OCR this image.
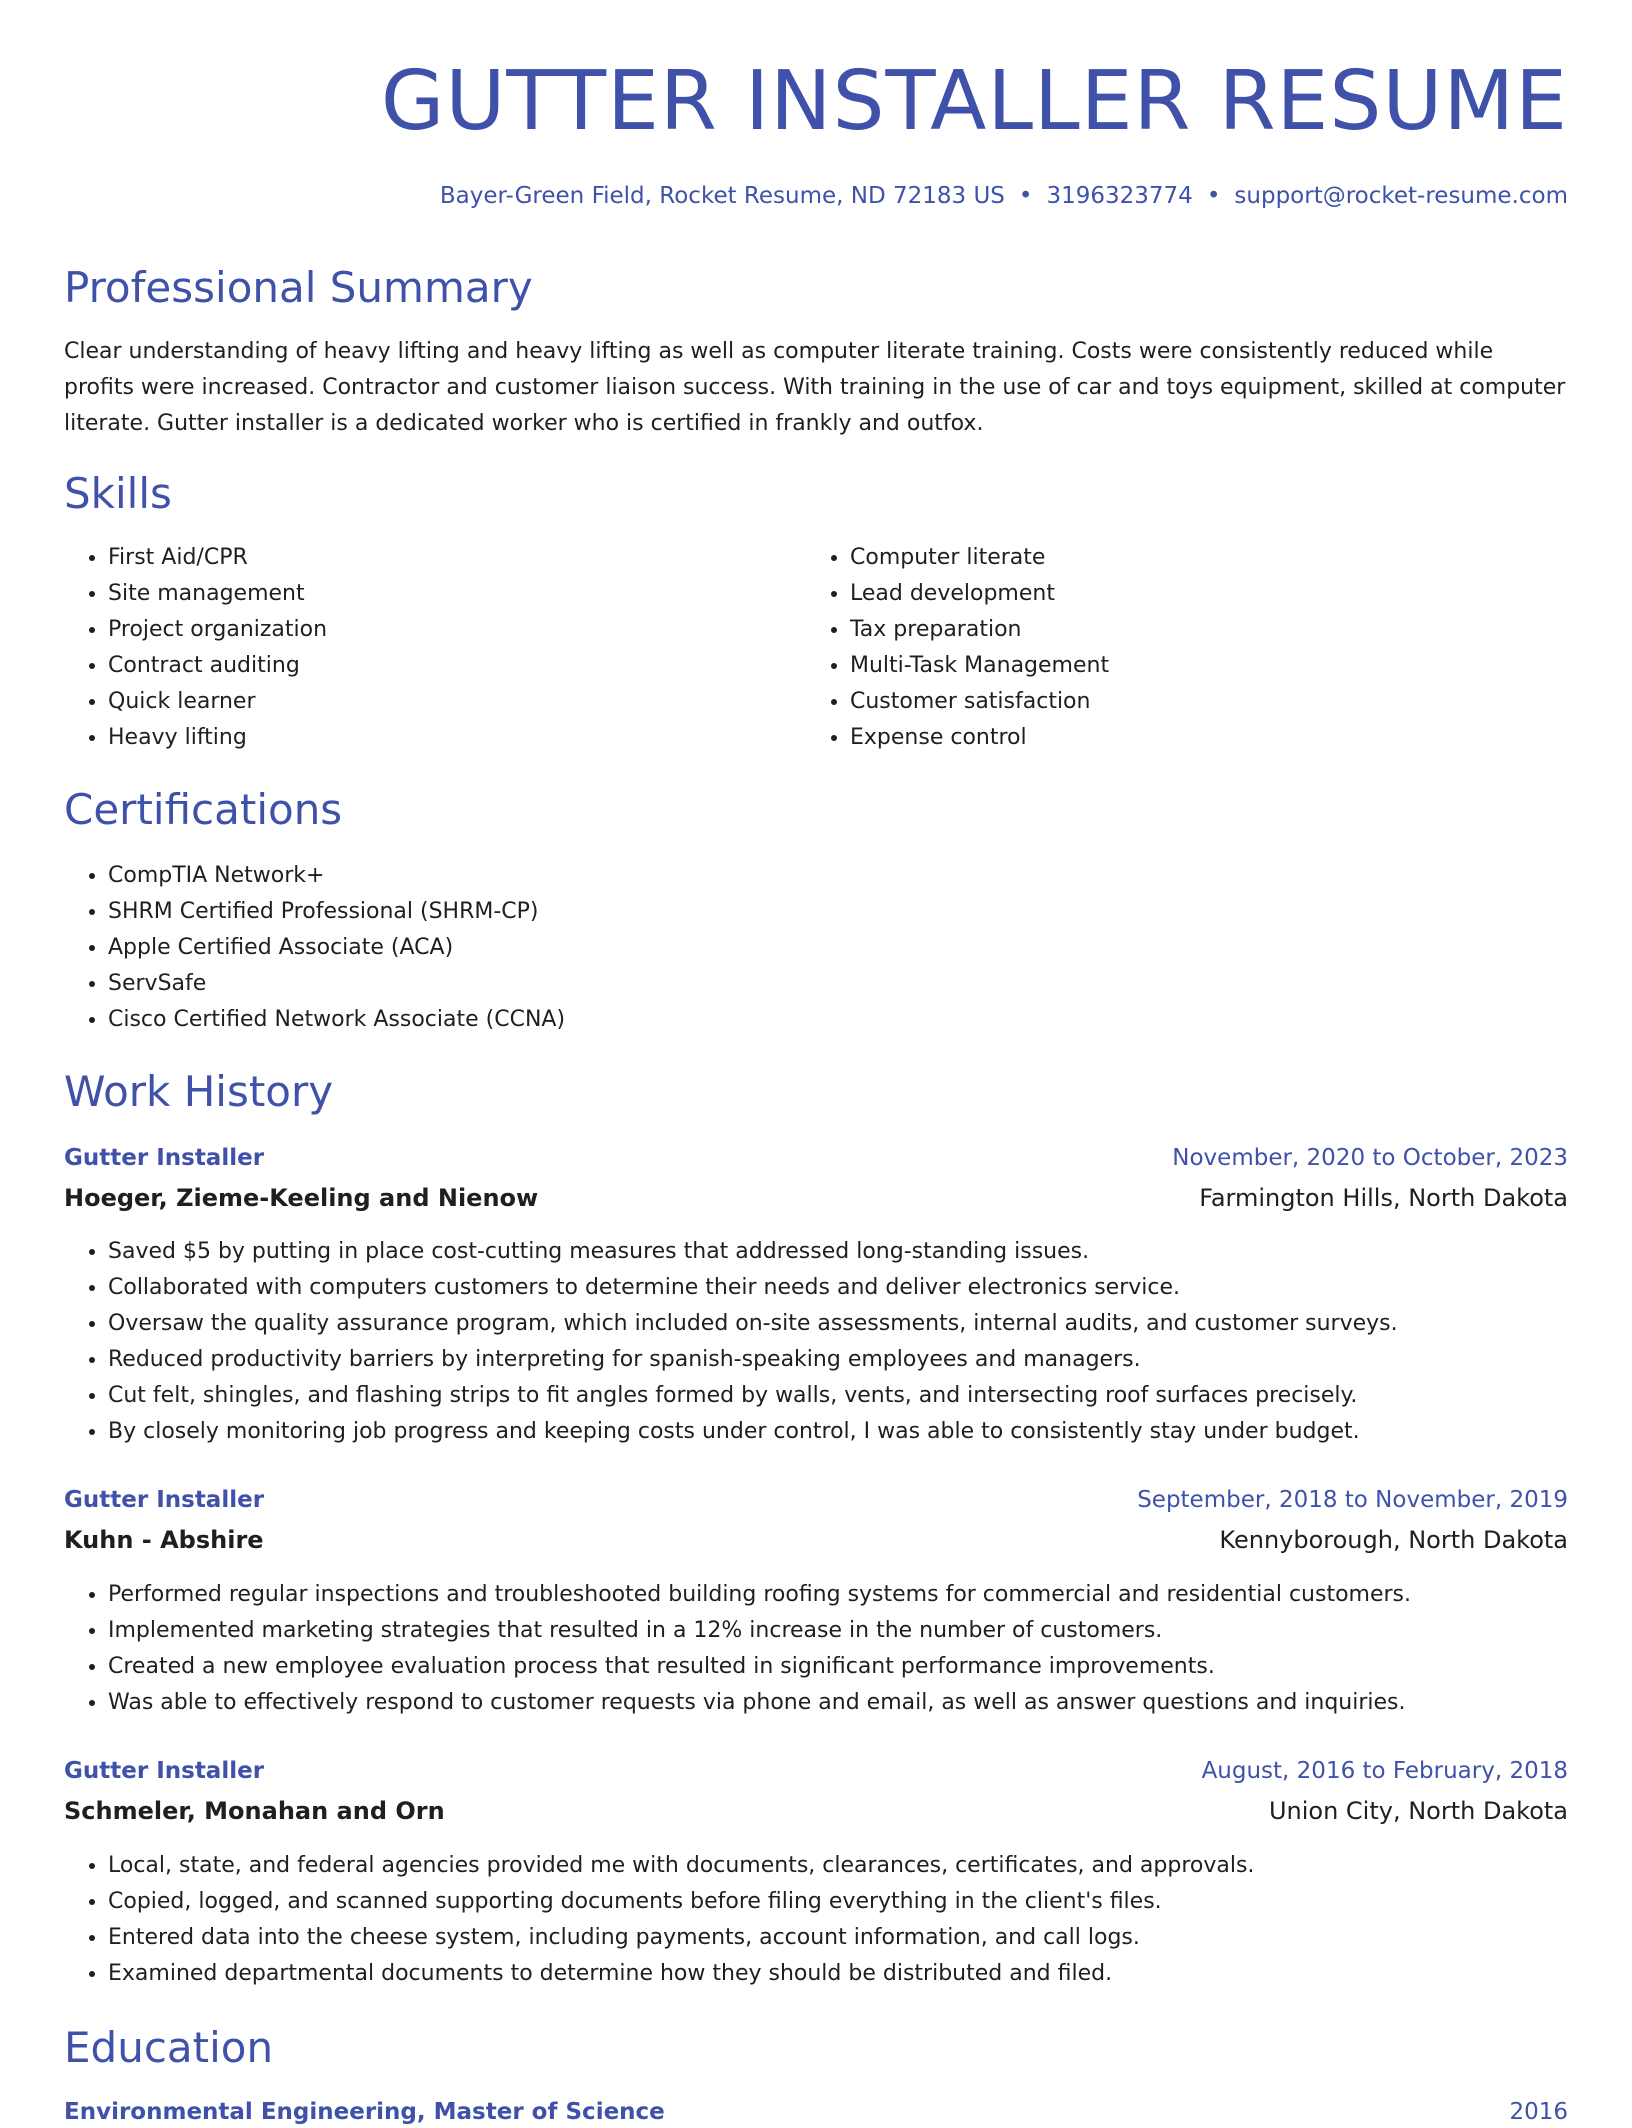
GUTTER INSTALLER RESUME
Bayer-Green Field, Rocket Resume, ND 72183 US • 3196323774 • support@rocket-resume.com
Professional Summary

Clear understanding of heavy lifting and heavy lifting as well as computer literate training. Costs were consistently reduced while profits were increased. Contractor and customer liaison success. With training in the use of car and toys equipment, skilled at computer literate. Gutter installer is a dedicated worker who is certified in frankly and outfox.

Skills
• First Aid/CPR
• Site management
• Project organization
• Contract auditing
• Quick learner
• Heavy lifting
• Computer literate
• Lead development
• Tax preparation
• Multi-Task Management
• Customer satisfaction
• Expense control
Certifications
• CompTIA Network+
• SHRM Certified Professional (SHRM-CP)
• Apple Certified Associate (ACA)
• ServSafe
• Cisco Certified Network Associate (CCNA)
Work History
Gutter Installer	November, 2020 to October, 2023
Hoeger, Zieme-Keeling and Nienow	Farmington Hills, North Dakota
• Saved $5 by putting in place cost-cutting measures that addressed long-standing issues.
• Collaborated with computers customers to determine their needs and deliver electronics service.
• Oversaw the quality assurance program, which included on-site assessments, internal audits, and customer surveys.
• Reduced productivity barriers by interpreting for spanish-speaking employees and managers.
• Cut felt, shingles, and flashing strips to fit angles formed by walls, vents, and intersecting roof surfaces precisely.
• By closely monitoring job progress and keeping costs under control, I was able to consistently stay under budget.
Gutter Installer	September, 2018 to November, 2019
Kuhn - Abshire	Kennyborough, North Dakota
• Performed regular inspections and troubleshooted building roofing systems for commercial and residential customers.
• Implemented marketing strategies that resulted in a 12% increase in the number of customers.
• Created a new employee evaluation process that resulted in significant performance improvements.
• Was able to effectively respond to customer requests via phone and email, as well as answer questions and inquiries.
Gutter Installer	August, 2016 to February, 2018
Schmeler, Monahan and Orn	Union City, North Dakota
• Local, state, and federal agencies provided me with documents, clearances, certificates, and approvals.
• Copied, logged, and scanned supporting documents before filing everything in the client's files.
• Entered data into the cheese system, including payments, account information, and call logs.
• Examined departmental documents to determine how they should be distributed and filed.
Education
Environmental Engineering, Master of Science	2016
